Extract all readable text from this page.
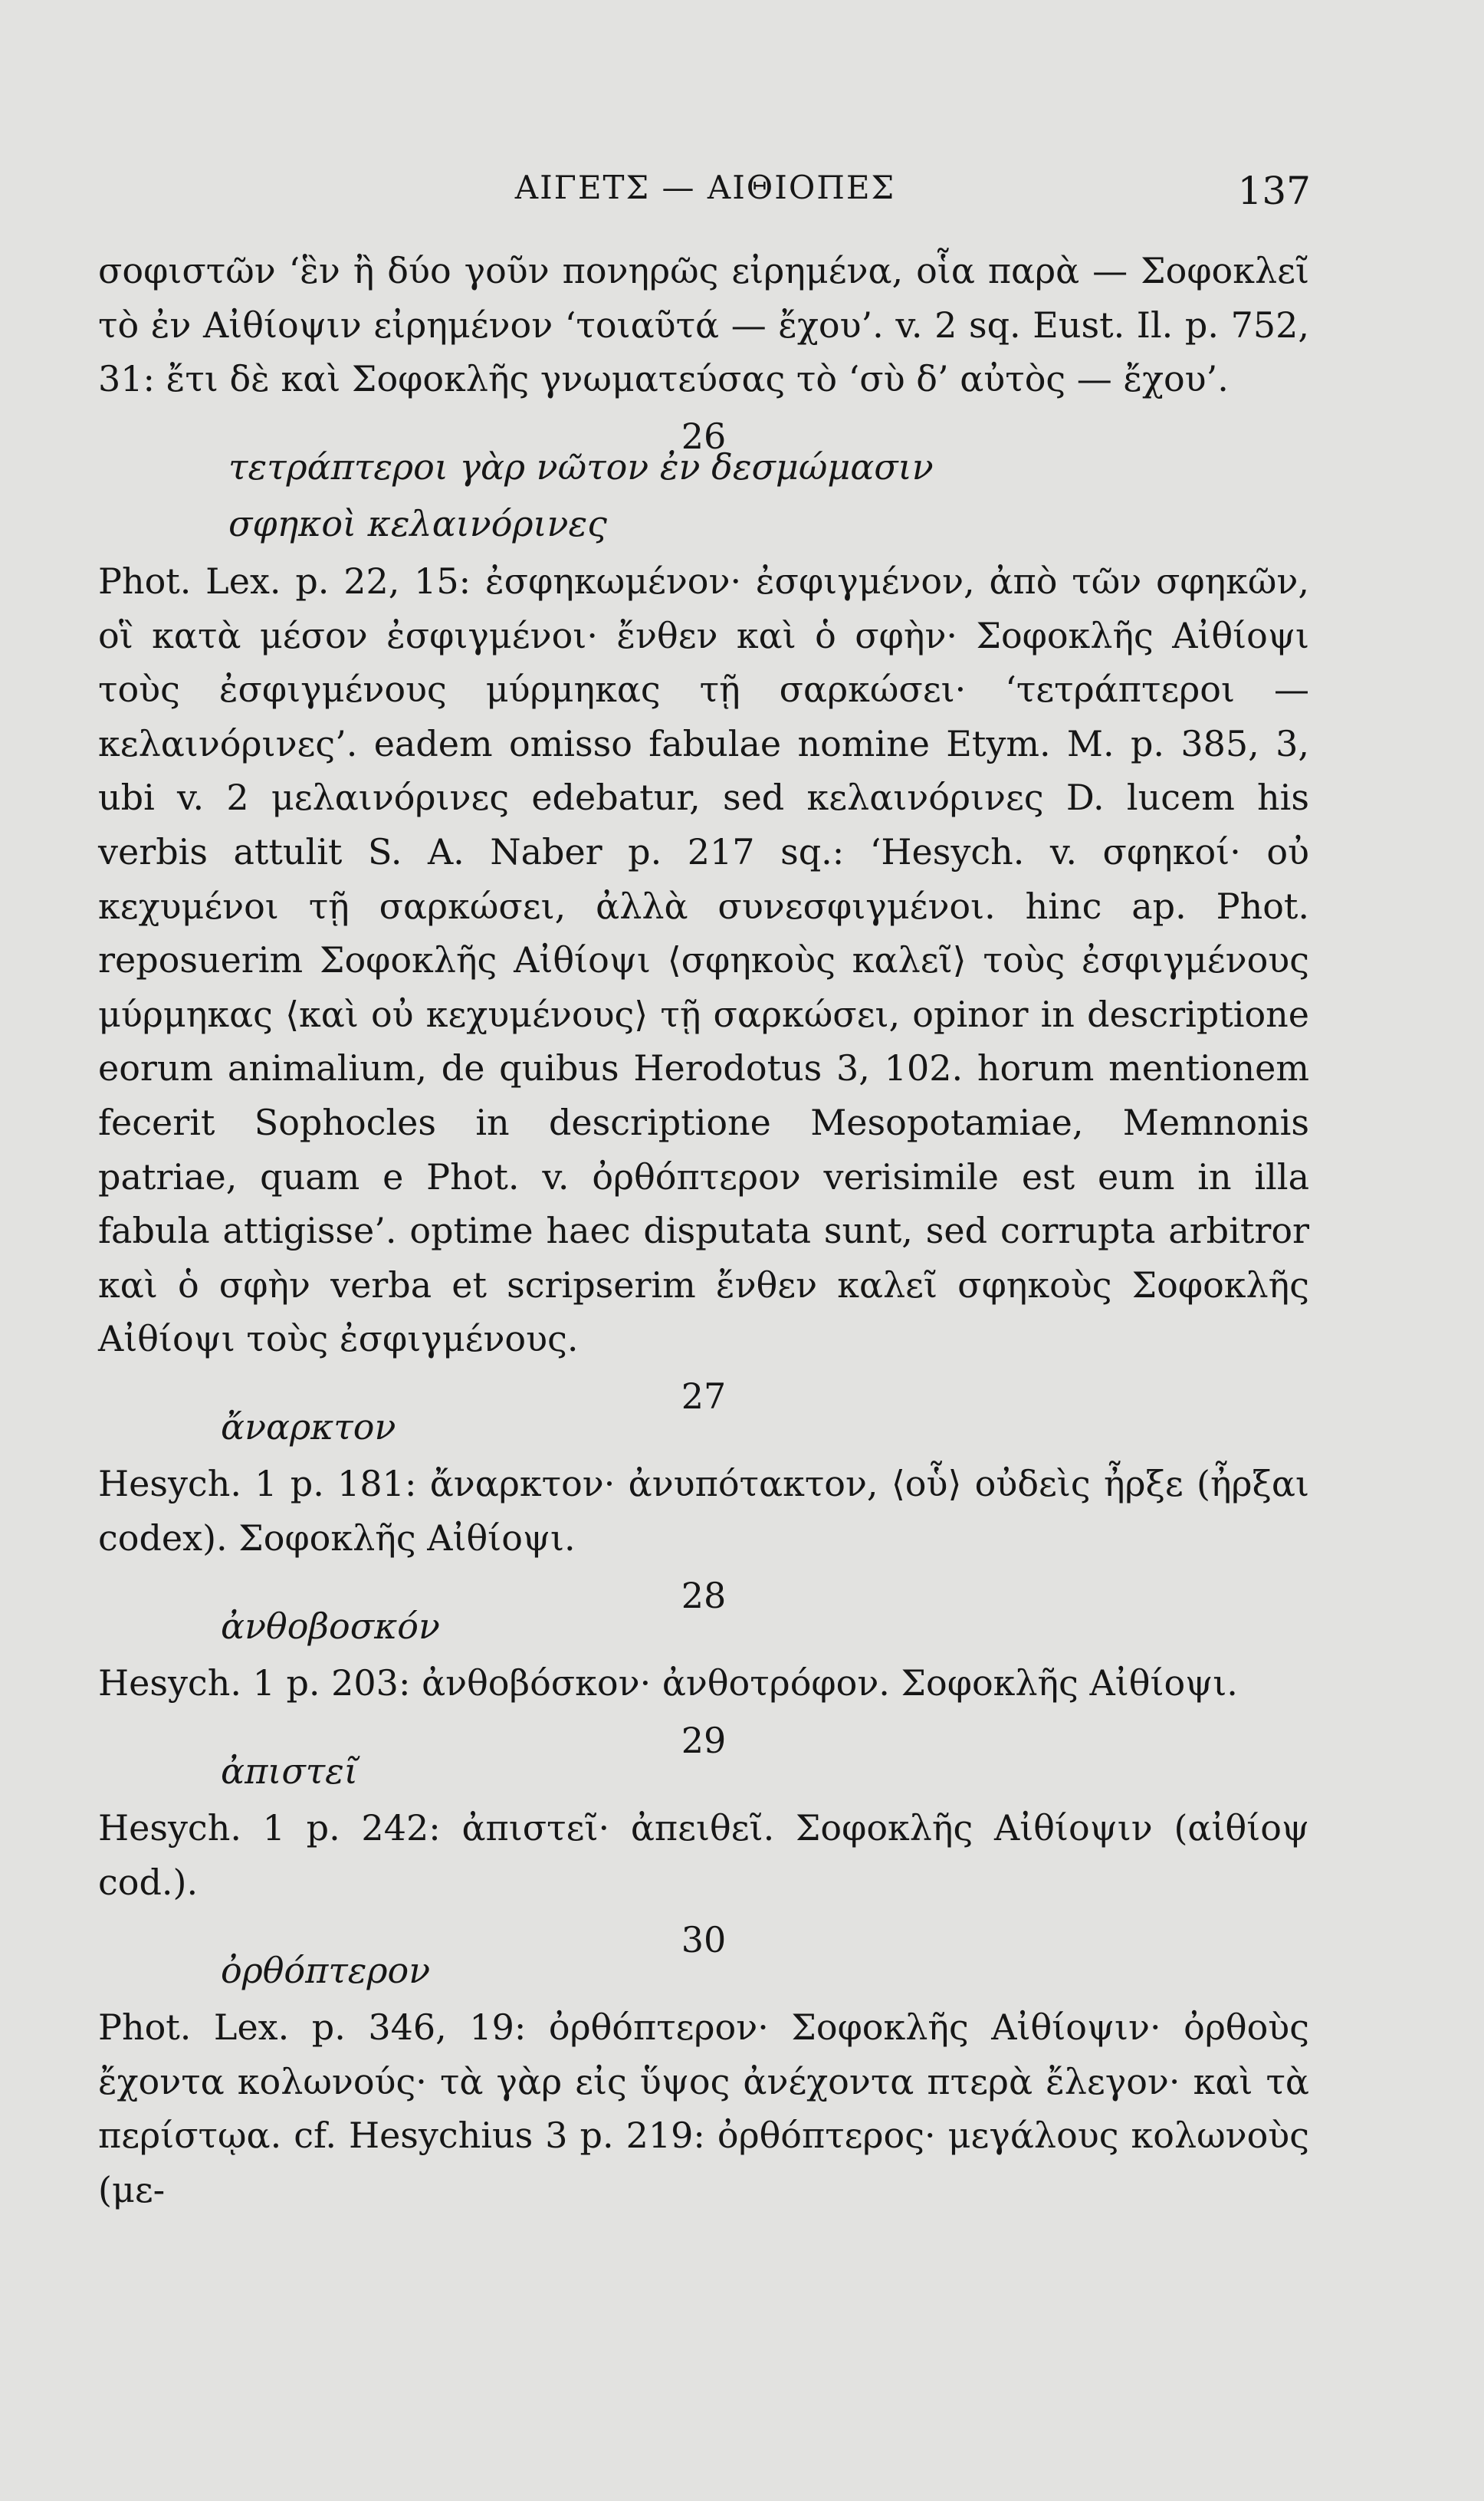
ΑΙΓΕΤΣ — ΑΙΘΙΟΠΕΣ	137

σοφιστῶν ‘ἓν ἢ δύο γοῦν πονηρῶς εἰρημένα, οἷα παρὰ — Σοφοκλεῖ τὸ ἐν Αἰθίοψιν εἰρημένον ‘τοιαῦτά — ἔχου’. v. 2 sq. Eust. Il. p. 752, 31: ἔτι δὲ καὶ Σοφοκλῆς γνωματεύσας τὸ ‘σὺ δ’ αὐτὸς — ἔχου’.

26
τετράπτεροι γὰρ νῶτον ἐν δεσμώμασιν
σφηκοὶ κελαινόρινες

Phot. Lex. p. 22, 15: ἐσφηκωμένον· ἐσφιγμένον, ἀπὸ τῶν σφηκῶν, οἳ κατὰ μέσον ἐσφιγμένοι· ἔνθεν καὶ ὁ σφὴν· Σοφοκλῆς Αἰθίοψι τοὺς ἐσφιγμένους μύρμηκας τῇ σαρκώσει· ‘τετράπτεροι — κελαινόρινες’. eadem omisso fabulae nomine Etym. M. p. 385, 3, ubi v. 2 μελαινόρινες edebatur, sed κελαινόρινες D. lucem his verbis attulit S. A. Naber p. 217 sq.: ‘Hesych. v. σφηκοί· οὐ κεχυμένοι τῇ σαρκώσει, ἀλλὰ συνεσφιγμένοι. hinc ap. Phot. reposuerim Σοφοκλῆς Αἰθίοψι ⟨σφηκοὺς καλεῖ⟩ τοὺς ἐσφιγμένους μύρμηκας ⟨καὶ οὐ κεχυμένους⟩ τῇ σαρκώσει, opinor in descriptione eorum animalium, de quibus Herodotus 3, 102. horum mentionem fecerit Sophocles in descriptione Mesopotamiae, Memnonis patriae, quam e Phot. v. ὀρθόπτερον verisimile est eum in illa fabula attigisse’. optime haec disputata sunt, sed corrupta arbitror καὶ ὁ σφὴν verba et scripserim ἔνθεν καλεῖ σφηκοὺς Σοφοκλῆς Αἰθίοψι τοὺς ἐσφιγμένους.

27
ἄναρκτον

Hesych. 1 p. 181: ἄναρκτον· ἀνυπότακτον, ⟨οὗ⟩ οὐδεὶς ἦρξε (ἦρξαι codex). Σοφοκλῆς Αἰθίοψι.

28
ἀνθοβοσκόν

Hesych. 1 p. 203: ἀνθοβόσκον· ἀνθοτρόφον. Σοφοκλῆς Αἰθίοψι.

29
ἀπιστεῖ

Hesych. 1 p. 242: ἀπιστεῖ· ἀπειθεῖ. Σοφοκλῆς Αἰθίοψιν (αἰθίοψ cod.).

30
ὀρθόπτερον

Phot. Lex. p. 346, 19: ὀρθόπτερον· Σοφοκλῆς Αἰθίοψιν· ὀρθοὺς ἔχοντα κολωνούς· τὰ γὰρ εἰς ὕψος ἀνέχοντα πτερὰ ἔλεγον· καὶ τὰ περίστῳα. cf. Hesychius 3 p. 219: ὀρθόπτερος· μεγάλους κολωνοὺς (με-
